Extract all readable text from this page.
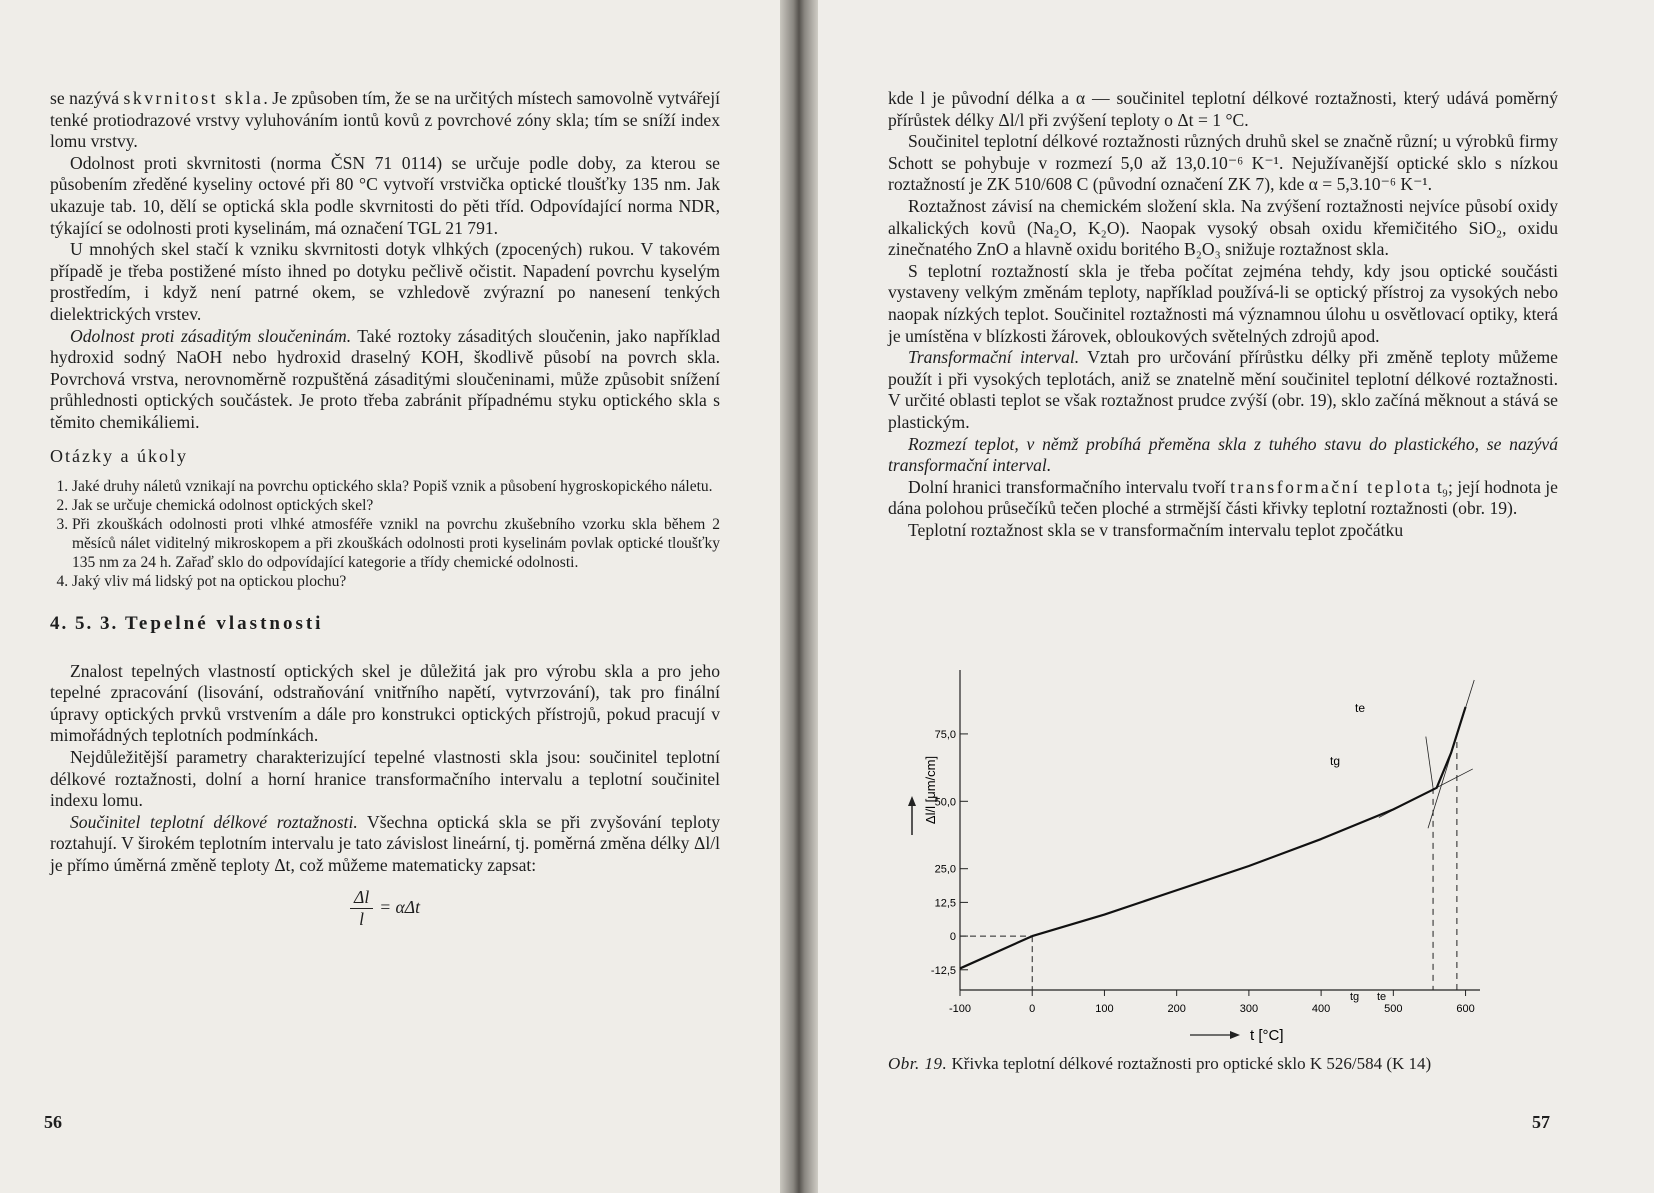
se nazývá skvrnitost skla. Je způsoben tím, že se na určitých místech samovolně vytvářejí tenké protiodrazové vrstvy vyluhováním iontů kovů z povrchové zóny skla; tím se sníží index lomu vrstvy.

Odolnost proti skvrnitosti (norma ČSN 71 0114) se určuje podle doby, za kterou se působením zředěné kyseliny octové při 80 °C vytvoří vrstvička optické tloušťky 135 nm. Jak ukazuje tab. 10, dělí se optická skla podle skvrnitosti do pěti tříd. Odpovídající norma NDR, týkající se odolnosti proti kyselinám, má označení TGL 21 791.

U mnohých skel stačí k vzniku skvrnitosti dotyk vlhkých (zpocených) rukou. V takovém případě je třeba postižené místo ihned po dotyku pečlivě očistit. Napadení povrchu kyselým prostředím, i když není patrné okem, se vzhledově zvýrazní po nanesení tenkých dielektrických vrstev.

Odolnost proti zásaditým sloučeninám. Také roztoky zásaditých sloučenin, jako například hydroxid sodný NaOH nebo hydroxid draselný KOH, škodlivě působí na povrch skla. Povrchová vrstva, nerovnoměrně rozpuštěná zásaditými sloučeninami, může způsobit snížení průhlednosti optických součástek. Je proto třeba zabránit případnému styku optického skla s těmito chemikáliemi.

Otázky a úkoly
1. Jaké druhy náletů vznikají na povrchu optického skla? Popiš vznik a působení hygroskopického náletu.
2. Jak se určuje chemická odolnost optických skel?
3. Při zkouškách odolnosti proti vlhké atmosféře vznikl na povrchu zkušebního vzorku skla během 2 měsíců nálet viditelný mikroskopem a při zkouškách odolnosti proti kyselinám povlak optické tloušťky 135 nm za 24 h. Zařaď sklo do odpovídající kategorie a třídy chemické odolnosti.
4. Jaký vliv má lidský pot na optickou plochu?
4. 5. 3. Tepelné vlastnosti

Znalost tepelných vlastností optických skel je důležitá jak pro výrobu skla a pro jeho tepelné zpracování (lisování, odstraňování vnitřního napětí, vytvrzování), tak pro finální úpravy optických prvků vrstvením a dále pro konstrukci optických přístrojů, pokud pracují v mimořádných teplotních podmínkách.

Nejdůležitější parametry charakterizující tepelné vlastnosti skla jsou: součinitel teplotní délkové roztažnosti, dolní a horní hranice transformačního intervalu a teplotní součinitel indexu lomu.

Součinitel teplotní délkové roztažnosti. Všechna optická skla se při zvyšování teploty roztahují. V širokém teplotním intervalu je tato závislost lineární, tj. poměrná změna délky Δl/l je přímo úměrná změně teploty Δt, což můžeme matematicky zapsat:

$\frac{\Delta l}{l} = \alpha\Delta t$
56

kde l je původní délka a α — součinitel teplotní délkové roztažnosti, který udává poměrný přírůstek délky Δl/l při zvýšení teploty o Δt = 1 °C.

Součinitel teplotní délkové roztažnosti různých druhů skel se značně různí; u výrobků firmy Schott se pohybuje v rozmezí 5,0 až 13,0.10⁻⁶ K⁻¹. Nejužívanější optické sklo s nízkou roztažností je ZK 510/608 C (původní označení ZK 7), kde α = 5,3.10⁻⁶ K⁻¹.

Roztažnost závisí na chemickém složení skla. Na zvýšení roztažnosti nejvíce působí oxidy alkalických kovů (Na₂O, K₂O). Naopak vysoký obsah oxidu křemičitého SiO₂, oxidu zinečnatého ZnO a hlavně oxidu boritého B₂O₃ snižuje roztažnost skla.

S teplotní roztažností skla je třeba počítat zejména tehdy, kdy jsou optické součásti vystaveny velkým změnám teploty, například používá-li se optický přístroj za vysokých nebo naopak nízkých teplot. Součinitel roztažnosti má významnou úlohu u osvětlovací optiky, která je umístěna v blízkosti žárovek, obloukových světelných zdrojů apod.

Transformační interval. Vztah pro určování přírůstku délky při změně teploty můžeme použít i při vysokých teplotách, aniž se znatelně mění součinitel teplotní délkové roztažnosti. V určité oblasti teplot se však roztažnost prudce zvýší (obr. 19), sklo začíná měknout a stává se plastickým.

Rozmezí teplot, v němž probíhá přeměna skla z tuhého stavu do plastického, se nazývá transformační interval.

Dolní hranici transformačního intervalu tvoří transformační teplota t₉; její hodnota je dána polohou průsečíků tečen ploché a strmější části křivky teplotní roztažnosti (obr. 19).

Teplotní roztažnost skla se v transformačním intervalu teplot zpočátku

-100	0	100	200	300	400	500	600
-12,5
0
12,5
25,0
50,0
75,0
Δl/l [μm/cm]
t [°C]
te
tg
tg te
Obr. 19. Křivka teplotní délkové roztažnosti pro optické sklo K 526/584 (K 14)
57
